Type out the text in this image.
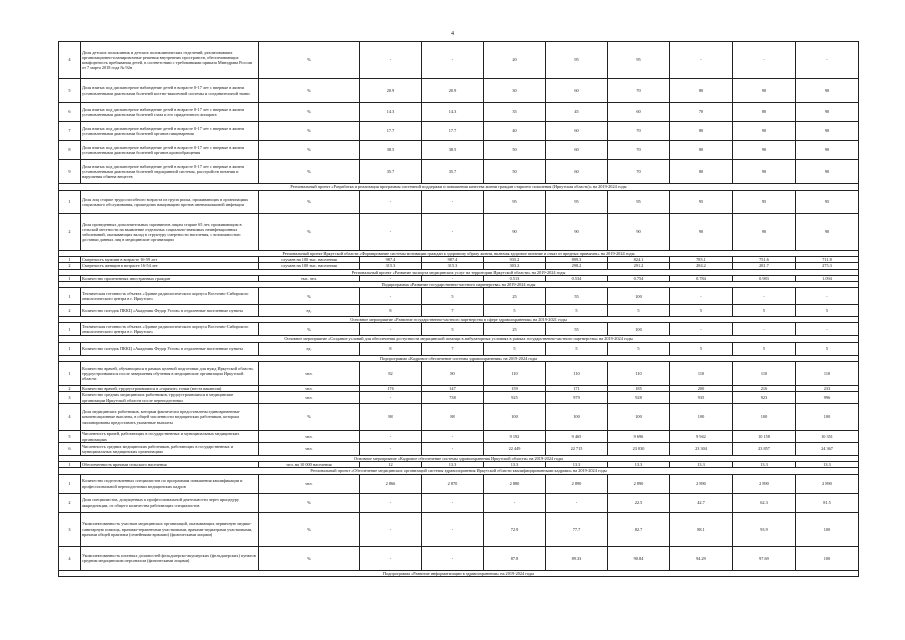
4
4	Доля детских поликлиник и детских поликлинических отделений, реализовавших организационно-планировочные решения внутренних пространств, обеспечивающих комфортность пребывания детей, в соответствии с требованиями приказа Минздрава России от 7 марта 2018 года № 92н	%	-	-	20	95	95	-	-	-
5	Доля взятых под диспансерное наблюдение детей в возрасте 0-17 лет с впервые в жизни установленными диагнозами болезней костно-мышечной системы и соединительной ткани	%	20.9	20.9	30	60	70	80	90	90
6	Доля взятых под диспансерное наблюдение детей в возрасте 0-17 лет с впервые в жизни установленными диагнозами болезней глаза и его придаточного аппарата	%	14.3	14.3	35	45	60	70	80	90
7	Доля взятых под диспансерное наблюдение детей в возрасте 0-17 лет с впервые в жизни установленными диагнозами болезней органов пищеварения	%	17.7	17.7	40	60	70	80	90	90
8	Доля взятых под диспансерное наблюдение детей в возрасте 0-17 лет с впервые в жизни установленными диагнозами болезней органов кровообращения	%	38.5	38.5	50	60	70	80	90	90
9	Доля взятых под диспансерное наблюдение детей в возрасте 0-17 лет с впервые в жизни установленными диагнозами болезней эндокринной системы, расстройств питания и нарушения обмена веществ	%	35.7	35.7	50	60	70	80	90	90
Региональный проект «Разработка и реализация программы системной поддержки и повышения качества жизни граждан старшего поколения (Иркутская область)» на 2019-2024 годы										
1	Доля лиц старше трудоспособного возраста из групп риска, проживающих в организациях социального обслуживания, прошедших вакцинацию против пневмококковой инфекции	%	-	-	95	95	95	95	95	95
2	Доля проведенных дополнительных скринингов лицам старше 65 лет, проживающим в сельской местности на выявление отдельных социально-значимых неинфекционных заболеваний, оказывающих вклад в структуру смертности населения, с возможностью доставки данных лиц в медицинские организации	%	-	-	90	90	90	90	90	90
Региональный проект Иркутской области «Формирование системы мотивации граждан к здоровому образу жизни, включая здоровое питание и отказ от вредных привычек» на 2019-2024 годы										
1	Смертность мужчин в возрасте 16-59 лет	случаев на 100 тыс. населения	987.4	987.4	935.2	899.3	824.1	785.1	751.6	711.8
2	Смертность женщин в возрасте 16-54 лет	случаев на 100 тыс. населения	315.3	315.3	303.2	298.2	291.2	284.2	281.7	275.3
Региональный проект «Развитие экспорта медицинских услуг на территории Иркутской области» на 2019-2024 годы										
1	Количество пролеченных иностранных граждан	тыс. чел.	-	-	0.513	0.534	0.754	0.784	0.983	1.094
Подпрограмма «Развитие государственно-частного партнерства» на 2019-2024 годы										
1	Техническая готовность объекта «Здание радиологического корпуса Восточно-Сибирского онкологического центра в г. Иркутске»	%	-	5	25	55	100	-	-	-
2	Количество поездок ПККЦ «Академик Федор Углов» в отдаленные населенные пункты	ед.	8	7	5	5	5	5	5	5
Основное мероприятие «Развитие государственно-частного партнерства в сфере здравоохранения» на 2019-2021 годы										
1	Техническая готовность объекта «Здание радиологического корпуса Восточно-Сибирского онкологического центра в г. Иркутске»	%	-	5	25	55	100	-	-	-
Основное мероприятие «Создание условий для обеспечения доступности медицинской помощи в амбулаторных условиях в рамках государственно-частного партнерства» на 2019-2024 годы										
1	Количество поездок ПККЦ «Академик Федор Углов» в отдаленные населенные пункты	ед.	8	7	5	5	5	5	5	5
Подпрограмма «Кадровое обеспечение системы здравоохранения» на 2019-2024 годы										
1	Количество врачей, обучающихся в рамках целевой подготовки для нужд Иркутской области, трудоустроившихся после завершения обучения в медицинские организации Иркутской области	чел.	82	80	110	110	110	110	110	110
2	Количество врачей, трудоустроившихся в «горячие» точки (места вакансии)	чел.	176	147	159	171	185	200	216	233
3	Количество средних медицинских работников, трудоустроившихся в медицинские организации Иркутской области после переподготовки	чел.	-	738	925	979	928	935	923	996
4	Доля медицинских работников, которым фактически предоставлены единовременные компенсационные выплаты, в общей численности медицинских работников, которым запланированы предоставить указанные выплаты	%	88	88	100	100	100	100	100	100
5	Численность врачей, работающих в государственных и муниципальных медицинских организациях	чел.	-	-	9 192	9 465	9 696	9 942	10 158	10 351
6	Численность средних медицинских работников, работающих в государственных и муниципальных медицинских организациях	чел.	-	-	22 449	22 715	23 030	23 304	23 857	24 367
Основное мероприятие «Кадровое обеспечение системы здравоохранения Иркутской области» на 2019-2024 годы										
1	Обеспеченность врачами сельского населения	чел. на 10 000 населения	12	13.3	13.3	13.3	13.3	13.3	13.3	13.3
Региональный проект «Обеспечение медицинских организаций системы здравоохранения Иркутской области квалифицированными кадрами» на 2019-2024 годы										
1	Количество подготовленных специалистов по программам повышения квалификации и профессиональной переподготовки медицинских кадров	чел.	2 866	2 870	2 880	2 890	2 890	2 890	2 890	2 890
2	Доля специалистов, допущенных к профессиональной деятельности через процедуру аккредитации, от общего количества работающих специалистов	%	-	-	-	-	22.5	42.7	62.3	81.5
3	Укомплектованность участков медицинских организаций, оказывающих первичную медико-санитарную помощь, врачами-терапевтами участковыми, врачами-педиатрами участковыми, врачами общей практики (семейными врачами) (физическими лицами)	%	-	-	72.9	77.7	82.7	88.1	93.9	100
4	Укомплектованность штатных должностей фельдшерско-акушерских (фельдшерских) пунктов средним медицинским персоналом (физическими лицами)	%	-	-	87.8	89.33	90.84	94.29	97.69	100
Подпрограмма «Развитие информатизации в здравоохранении» на 2019-2024 годы										
